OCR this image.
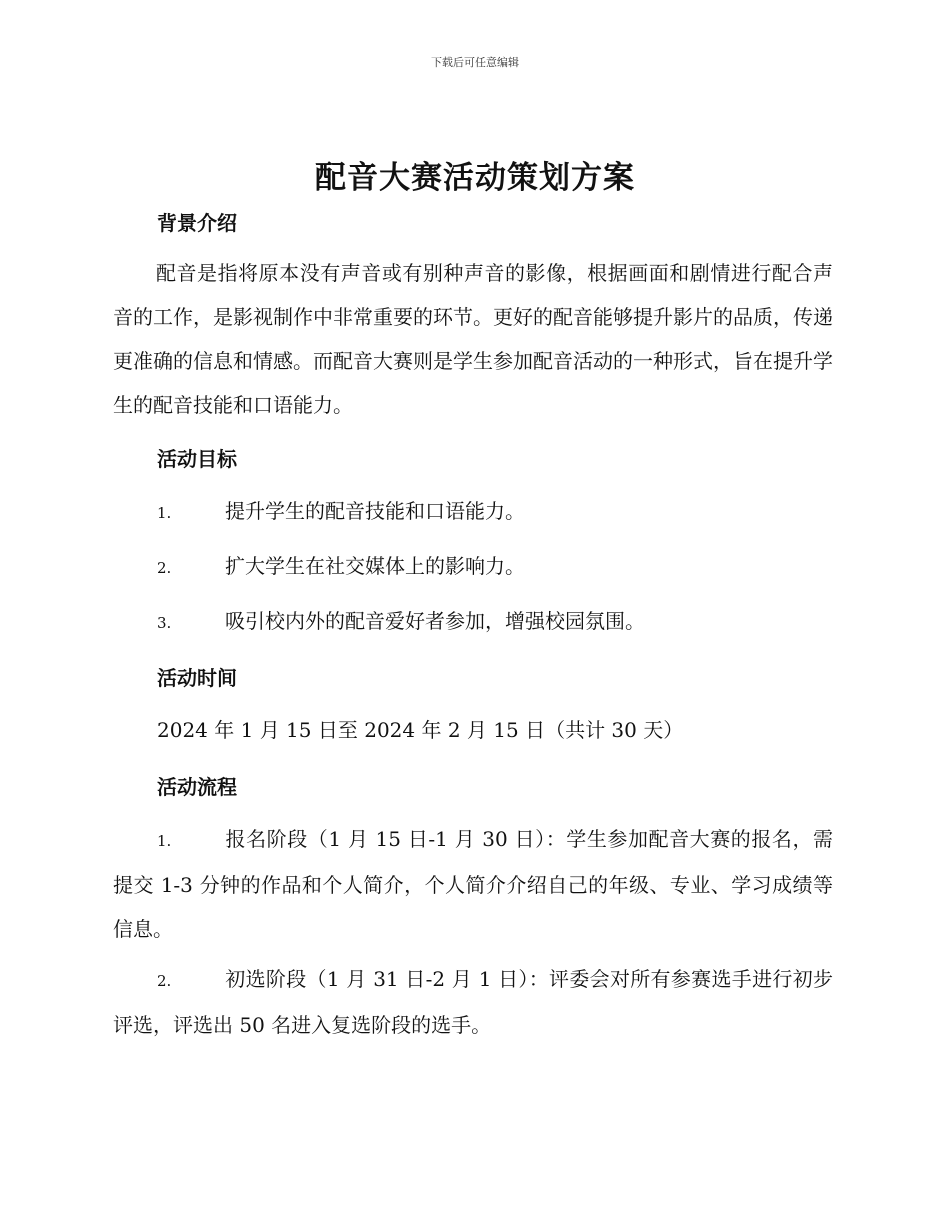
下载后可任意编辑
配音大赛活动策划方案
背景介绍

配音是指将原本没有声音或有别种声音的影像，根据画面和剧情进行配合声音的工作，是影视制作中非常重要的环节。更好的配音能够提升影片的品质，传递更准确的信息和情感。而配音大赛则是学生参加配音活动的一种形式，旨在提升学生的配音技能和口语能力。

活动目标
1.	提升学生的配音技能和口语能力。
2.	扩大学生在社交媒体上的影响力。
3.	吸引校内外的配音爱好者参加，增强校园氛围。
活动时间

2024 年 1 月 15 日至 2024 年 2 月 15 日（共计 30 天）

活动流程

1.	报名阶段（1 月 15 日-1 月 30 日）：学生参加配音大赛的报名，需提交 1-3 分钟的作品和个人简介，个人简介介绍自己的年级、专业、学习成绩等信息。

2.	初选阶段（1 月 31 日-2 月 1 日）：评委会对所有参赛选手进行初步评选，评选出 50 名进入复选阶段的选手。
